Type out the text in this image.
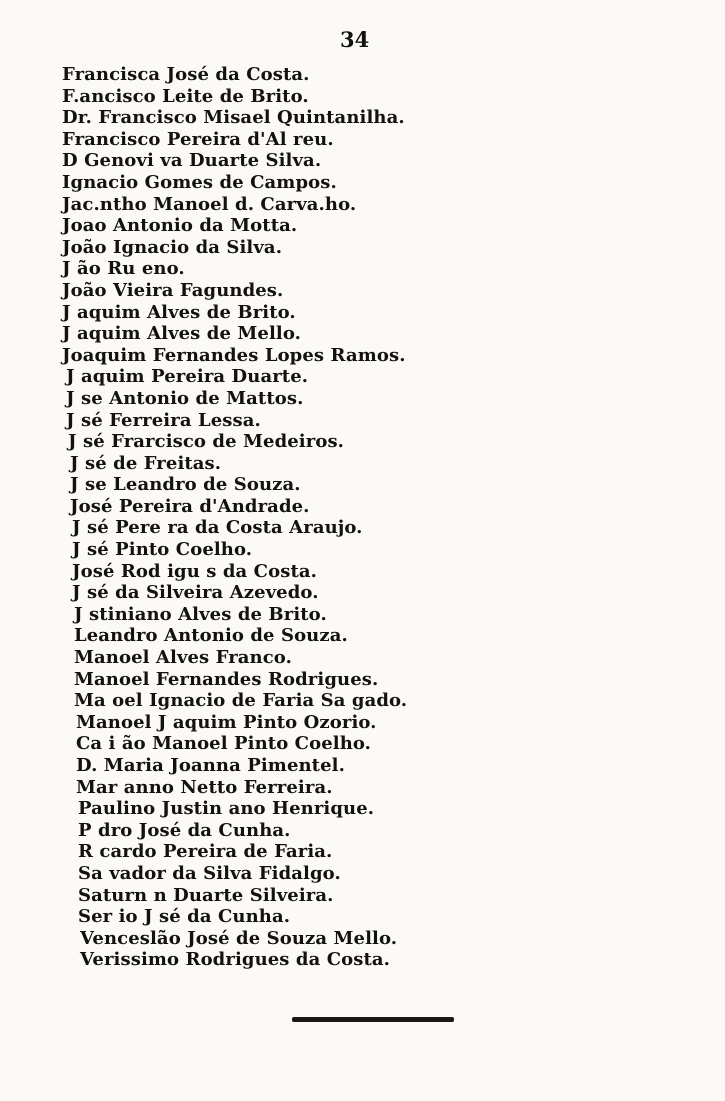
34
Francisca José da Costa.
F.ancisco Leite de Brito.
Dr. Francisco Misael Quintanilha.
Francisco Pereira d'Al reu.
D Genovi va Duarte Silva.
Ignacio Gomes de Campos.
Jac.ntho Manoel d. Carva.ho.
Joao Antonio da Motta.
João Ignacio da Silva.
J ão Ru eno.
João Vieira Fagundes.
J aquim Alves de Brito.
J aquim Alves de Mello.
Joaquim Fernandes Lopes Ramos.
J aquim Pereira Duarte.
J se Antonio de Mattos.
J sé Ferreira Lessa.
J sé Frarcisco de Medeiros.
J sé de Freitas.
J se Leandro de Souza.
José Pereira d'Andrade.
J sé Pere ra da Costa Araujo.
J sé Pinto Coelho.
José Rod igu s da Costa.
J sé da Silveira Azevedo.
J stiniano Alves de Brito.
Leandro Antonio de Souza.
Manoel Alves Franco.
Manoel Fernandes Rodrigues.
Ma oel Ignacio de Faria Sa gado.
Manoel J aquim Pinto Ozorio.
Ca i ão Manoel Pinto Coelho.
D. Maria Joanna Pimentel.
Mar anno Netto Ferreira.
Paulino Justin ano Henrique.
P dro José da Cunha.
R cardo Pereira de Faria.
Sa vador da Silva Fidalgo.
Saturn n Duarte Silveira.
Ser io J sé da Cunha.
Venceslão José de Souza Mello.
Verissimo Rodrigues da Costa.
